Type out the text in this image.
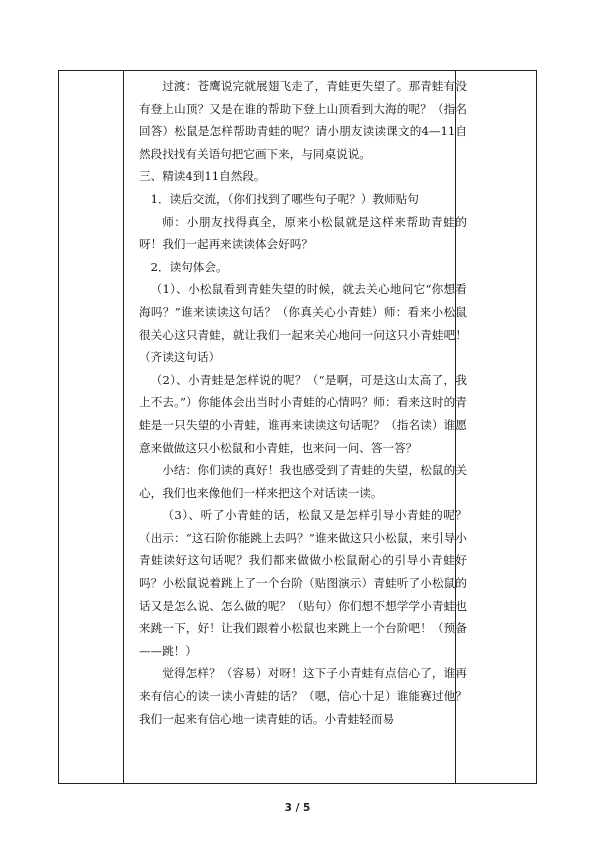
过渡：苍鹰说完就展翅飞走了，青蛙更失望了。那青蛙有没有登上山顶？又是在谁的帮助下登上山顶看到大海的呢？（指名回答）松鼠是怎样帮助青蛙的呢？请小朋友读读课文的4—11自然段找找有关语句把它画下来，与同桌说说。

三、精读4到11自然段。

1．读后交流，（你们找到了哪些句子呢？）教师贴句

师：小朋友找得真全，原来小松鼠就是这样来帮助青蛙的呀！我们一起再来读读体会好吗？

2．读句体会。

（1）、小松鼠看到青蛙失望的时候，就去关心地问它“你想看海吗？”谁来读读这句话？（你真关心小青蛙）师：看来小松鼠很关心这只青蛙，就让我们一起来关心地问一问这只小青蛙吧！（齐读这句话）

（2）、小青蛙是怎样说的呢？（“是啊，可是这山太高了，我上不去。”）你能体会出当时小青蛙的心情吗？师：看来这时的青蛙是一只失望的小青蛙，谁再来读读这句话呢？（指名读）谁愿意来做做这只小松鼠和小青蛙，也来问一问、答一答？

小结：你们读的真好！我也感受到了青蛙的失望，松鼠的关心，我们也来像他们一样来把这个对话读一读。

（3）、听了小青蛙的话，松鼠又是怎样引导小青蛙的呢？（出示：“这石阶你能跳上去吗？”谁来做这只小松鼠，来引导小青蛙读好这句话呢？我们都来做做小松鼠耐心的引导小青蛙好吗？小松鼠说着跳上了一个台阶（贴图演示）青蛙听了小松鼠的话又是怎么说、怎么做的呢？（贴句）你们想不想学学小青蛙也来跳一下，好！让我们跟着小松鼠也来跳上一个台阶吧！（预备——跳！）

觉得怎样？（容易）对呀！这下子小青蛙有点信心了，谁再来有信心的读一读小青蛙的话？（嗯，信心十足）谁能赛过他？我们一起来有信心地一读青蛙的话。小青蛙轻而易

3 / 5
